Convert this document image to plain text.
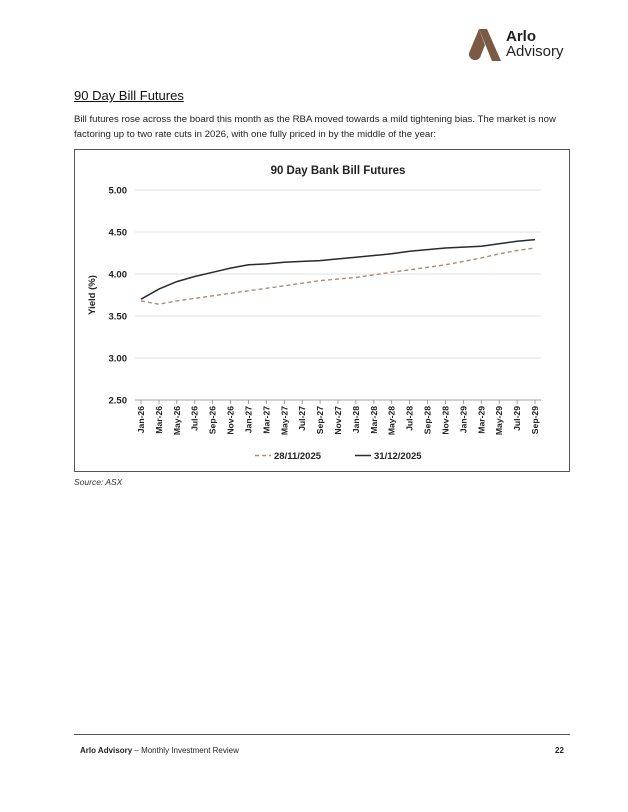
Arlo
Advisory
90 Day Bill Futures

Bill futures rose across the board this month as the RBA moved towards a mild tightening bias. The market is now factoring up to two rate cuts in 2026, with one fully priced in by the middle of the year:

90 Day Bank Bill Futures
5.00
4.50
4.00
3.50
3.00
2.50
Yield (%)
Jan-26 Mar-26 May-26 Jul-26 Sep-26 Nov-26 Jan-27 Mar-27 May-27 Jul-27 Sep-27 Nov-27 Jan-28 Mar-28 May-28 Jul-28 Sep-28 Nov-28 Jan-29 Mar-29 May-29 Jul-29 Sep-29
28/11/2025	31/12/2025
Source: ASX
Arlo Advisory – Monthly Investment Review	22
